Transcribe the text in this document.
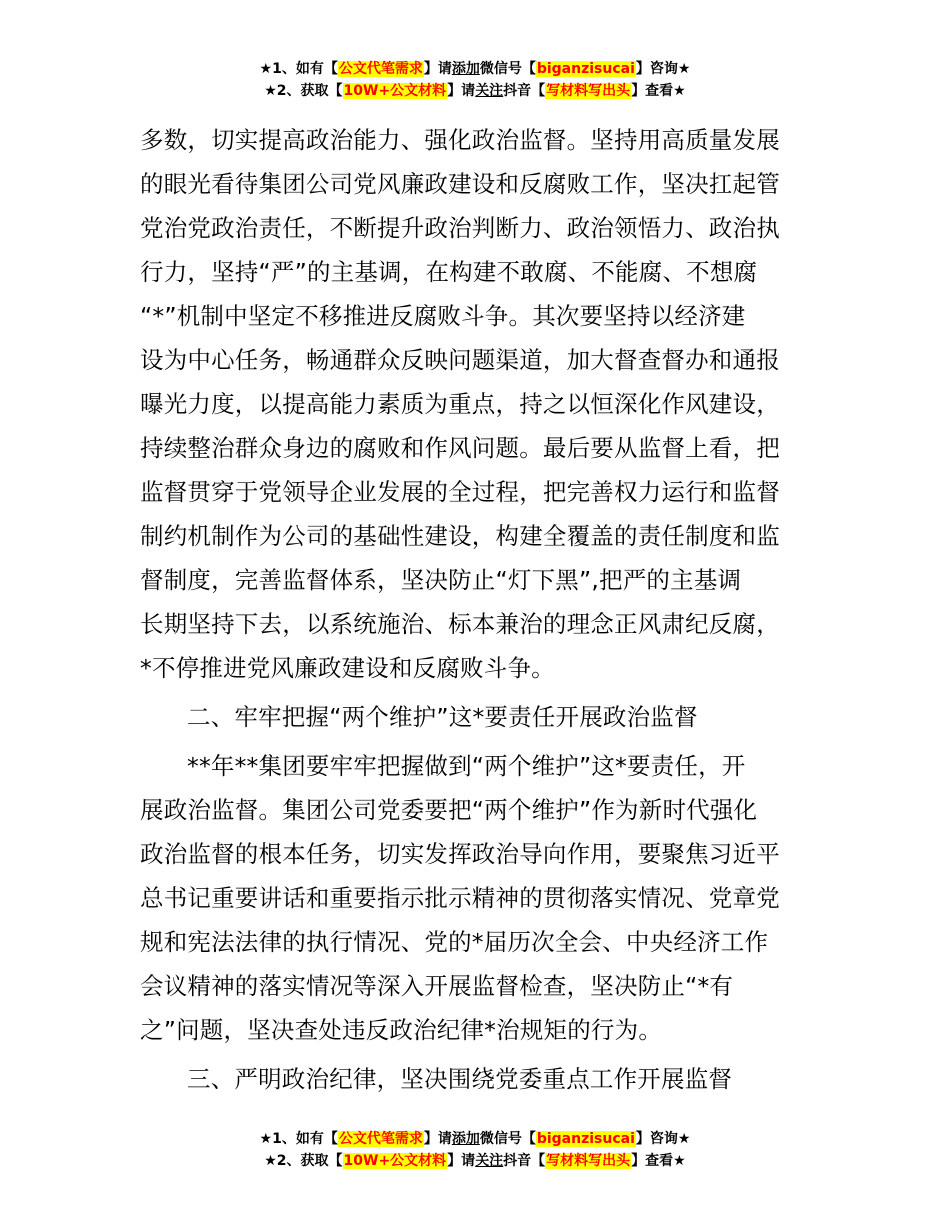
★1、如有【公文代笔需求】请添加微信号【biganzisucai】咨询★
★2、获取【10W+公文材料】请关注抖音【写材料写出头】查看★
多数，切实提高政治能力、强化政治监督。坚持用高质量发展
的眼光看待集团公司党风廉政建设和反腐败工作，坚决扛起管
党治党政治责任，不断提升政治判断力、政治领悟力、政治执
行力，坚持“严”的主基调，在构建不敢腐、不能腐、不想腐
“*”机制中坚定不移推进反腐败斗争。其次要坚持以经济建
设为中心任务，畅通群众反映问题渠道，加大督查督办和通报
曝光力度，以提高能力素质为重点，持之以恒深化作风建设，
持续整治群众身边的腐败和作风问题。最后要从监督上看，把
监督贯穿于党领导企业发展的全过程，把完善权力运行和监督
制约机制作为公司的基础性建设，构建全覆盖的责任制度和监
督制度，完善监督体系，坚决防止“灯下黑”,把严的主基调
长期坚持下去，以系统施治、标本兼治的理念正风肃纪反腐，
*不停推进党风廉政建设和反腐败斗争。
二、牢牢把握“两个维护”这*要责任开展政治监督
**年**集团要牢牢把握做到“两个维护”这*要责任，开
展政治监督。集团公司党委要把“两个维护”作为新时代强化
政治监督的根本任务，切实发挥政治导向作用，要聚焦习近平
总书记重要讲话和重要指示批示精神的贯彻落实情况、党章党
规和宪法法律的执行情况、党的*届历次全会、中央经济工作
会议精神的落实情况等深入开展监督检查，坚决防止“*有
之”问题，坚决查处违反政治纪律*治规矩的行为。
三、严明政治纪律，坚决围绕党委重点工作开展监督
★1、如有【公文代笔需求】请添加微信号【biganzisucai】咨询★
★2、获取【10W+公文材料】请关注抖音【写材料写出头】查看★
